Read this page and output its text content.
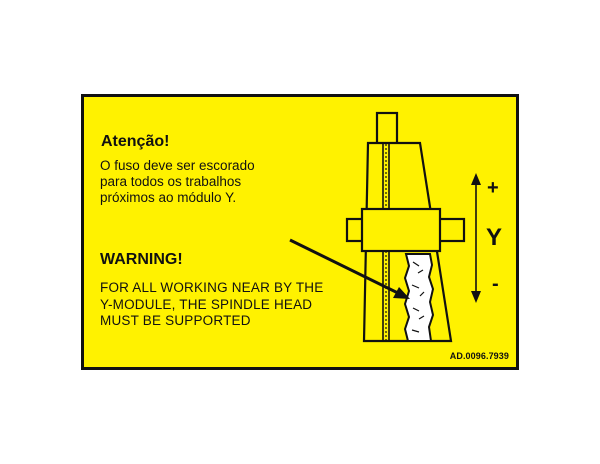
Atenção!
O fuso deve ser escorado
para todos os trabalhos
próximos ao módulo Y.
WARNING!
FOR ALL WORKING NEAR BY THE
Y-MODULE, THE SPINDLE HEAD
MUST BE SUPPORTED
+
Y
-
AD.0096.7939
